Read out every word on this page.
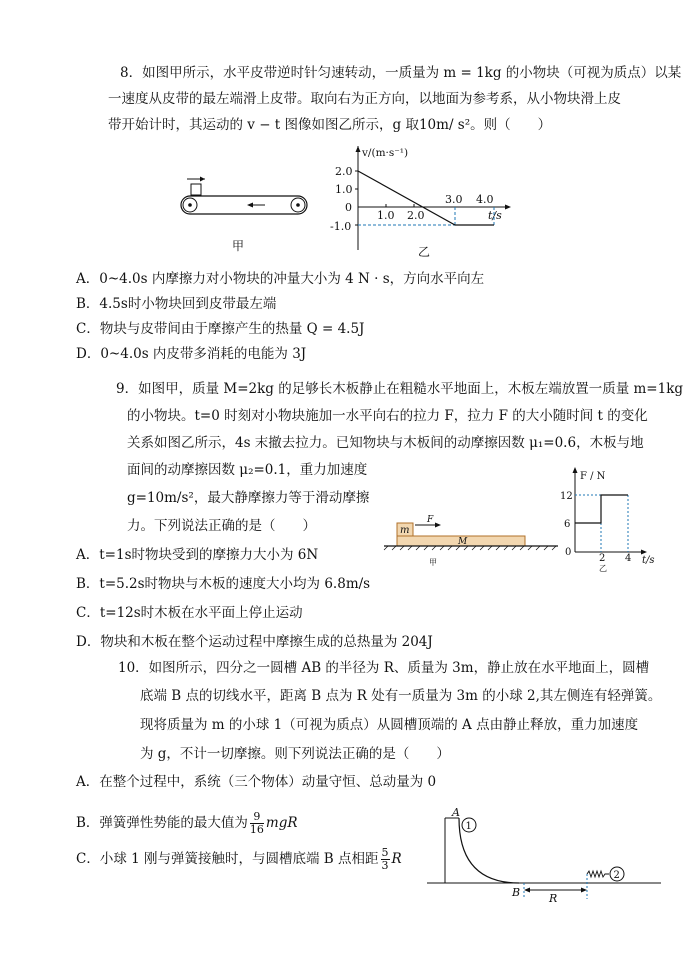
8．如图甲所示，水平皮带逆时针匀速转动，一质量为 m = 1kg 的小物块（可视为质点）以某
一速度从皮带的最左端滑上皮带。取向右为正方向，以地面为参考系，从小物块滑上皮
带开始计时，其运动的 v − t 图像如图乙所示，g 取10m/ s²。则（　　）
甲
v/(m·s⁻¹)
t/s
2.0
1.0
0
-1.0
1.0 2.0
3.0 4.0
乙
A．0~4.0s 内摩擦力对小物块的冲量大小为 4 N · s，方向水平向左
B．4.5s时小物块回到皮带最左端
C．物块与皮带间由于摩擦产生的热量 Q = 4.5J
D．0~4.0s 内皮带多消耗的电能为 3J
9．如图甲，质量 M=2kg 的足够长木板静止在粗糙水平地面上，木板左端放置一质量 m=1kg
的小物块。t=0 时刻对小物块施加一水平向右的拉力 F，拉力 F 的大小随时间 t 的变化
关系如图乙所示，4s 末撤去拉力。已知物块与木板间的动摩擦因数 μ₁=0.6，木板与地
面间的动摩擦因数 μ₂=0.1，重力加速度
g=10m/s²，最大静摩擦力等于滑动摩擦
力。下列说法正确的是（　　）	m
F
M
甲
F / N
t/s
12
6
0
2 4
乙
A．t=1s时物块受到的摩擦力大小为 6N
B．t=5.2s时物块与木板的速度大小均为 6.8m/s
C．t=12s时木板在水平面上停止运动
D．物块和木板在整个运动过程中摩擦生成的总热量为 204J
10．如图所示，四分之一圆槽 AB 的半径为 R、质量为 3m，静止放在水平地面上，圆槽
底端 B 点的切线水平，距离 B 点为 R 处有一质量为 3m 的小球 2,其左侧连有轻弹簧。
现将质量为 m 的小球 1（可视为质点）从圆槽顶端的 A 点由静止释放，重力加速度
为 g，不计一切摩擦。则下列说法正确的是（　　）
A．在整个过程中，系统（三个物体）动量守恒、总动量为 0
B．弹簧弹性势能的最大值为 $\frac{9}{16}$ mgR
C．小球 1 刚与弹簧接触时，与圆槽底端 B 点相距 $\frac{5}{3}$ R
A
1
B	R
2
